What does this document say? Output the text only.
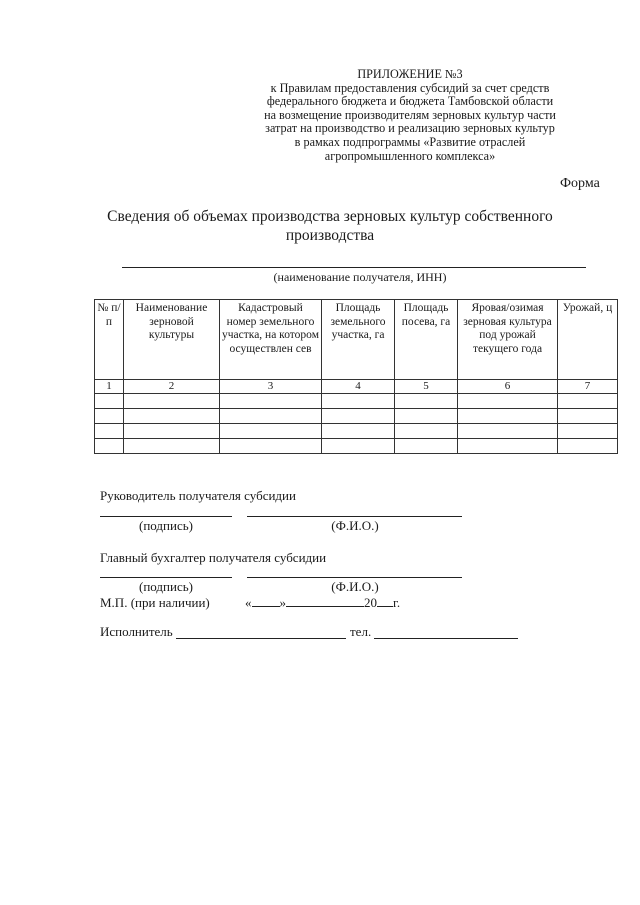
ПРИЛОЖЕНИЕ №3
к Правилам предоставления субсидий за счет средств
федерального бюджета и бюджета Тамбовской области
на возмещение производителям зерновых культур части
затрат на производство и реализацию зерновых культур
в рамках подпрограммы «Развитие отраслей
агропромышленного комплекса»
Форма
Сведения об объемах производства зерновых культур собственного
производства
(наименование получателя, ИНН)
№ п/п	Наименование зерновой культуры	Кадастровый номер земельного участка, на котором осуществлен сев	Площадь земельного участка, га	Площадь посева, га	Яровая/озимая зерновая культура под урожай текущего года	Урожай, ц
1	2	3	4	5	6	7

Руководитель получателя субсидии
(подпись)	(Ф.И.О.)
Главный бухгалтер получателя субсидии
(подпись)	(Ф.И.О.)
М.П. (при наличии)	« »	20 г.
Исполнитель	тел.
